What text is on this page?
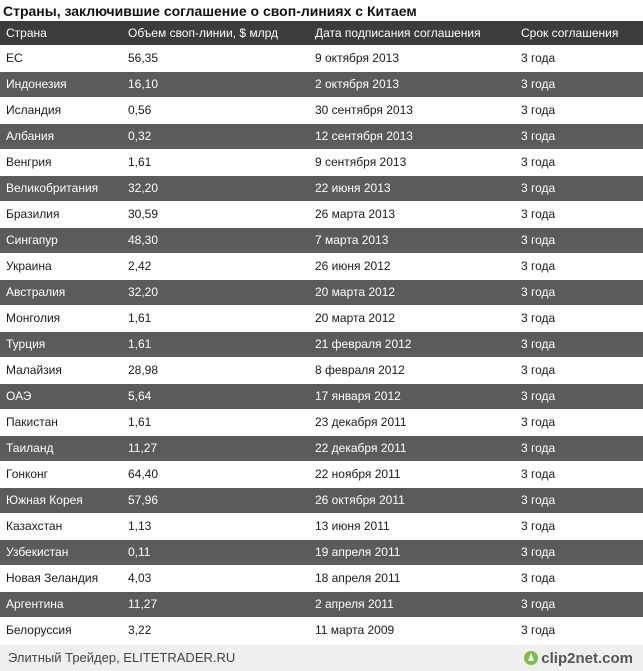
Страны, заключившие соглашение о своп-линиях с Китаем
Страна	Объем своп-линии, $ млрд	Дата подписания соглашения	Срок соглашения
ЕС	56,35	9 октября 2013	3 года
Индонезия	16,10	2 октября 2013	3 года
Исландия	0,56	30 сентября 2013	3 года
Албания	0,32	12 сентября 2013	3 года
Венгрия	1,61	9 сентября 2013	3 года
Великобритания	32,20	22 июня 2013	3 года
Бразилия	30,59	26 марта 2013	3 года
Сингапур	48,30	7 марта 2013	3 года
Украина	2,42	26 июня 2012	3 года
Австралия	32,20	20 марта 2012	3 года
Монголия	1,61	20 марта 2012	3 года
Турция	1,61	21 февраля 2012	3 года
Малайзия	28,98	8 февраля 2012	3 года
ОАЭ	5,64	17 января 2012	3 года
Пакистан	1,61	23 декабря 2011	3 года
Таиланд	11,27	22 декабря 2011	3 года
Гонконг	64,40	22 ноября 2011	3 года
Южная Корея	57,96	26 октября 2011	3 года
Казахстан	1,13	13 июня 2011	3 года
Узбекистан	0,11	19 апреля 2011	3 года
Новая Зеландия	4,03	18 апреля 2011	3 года
Аргентина	11,27	2 апреля 2011	3 года
Белоруссия	3,22	11 марта 2009	3 года
Элитный Трейдер, ELITETRADER.RU	clip2net.com
